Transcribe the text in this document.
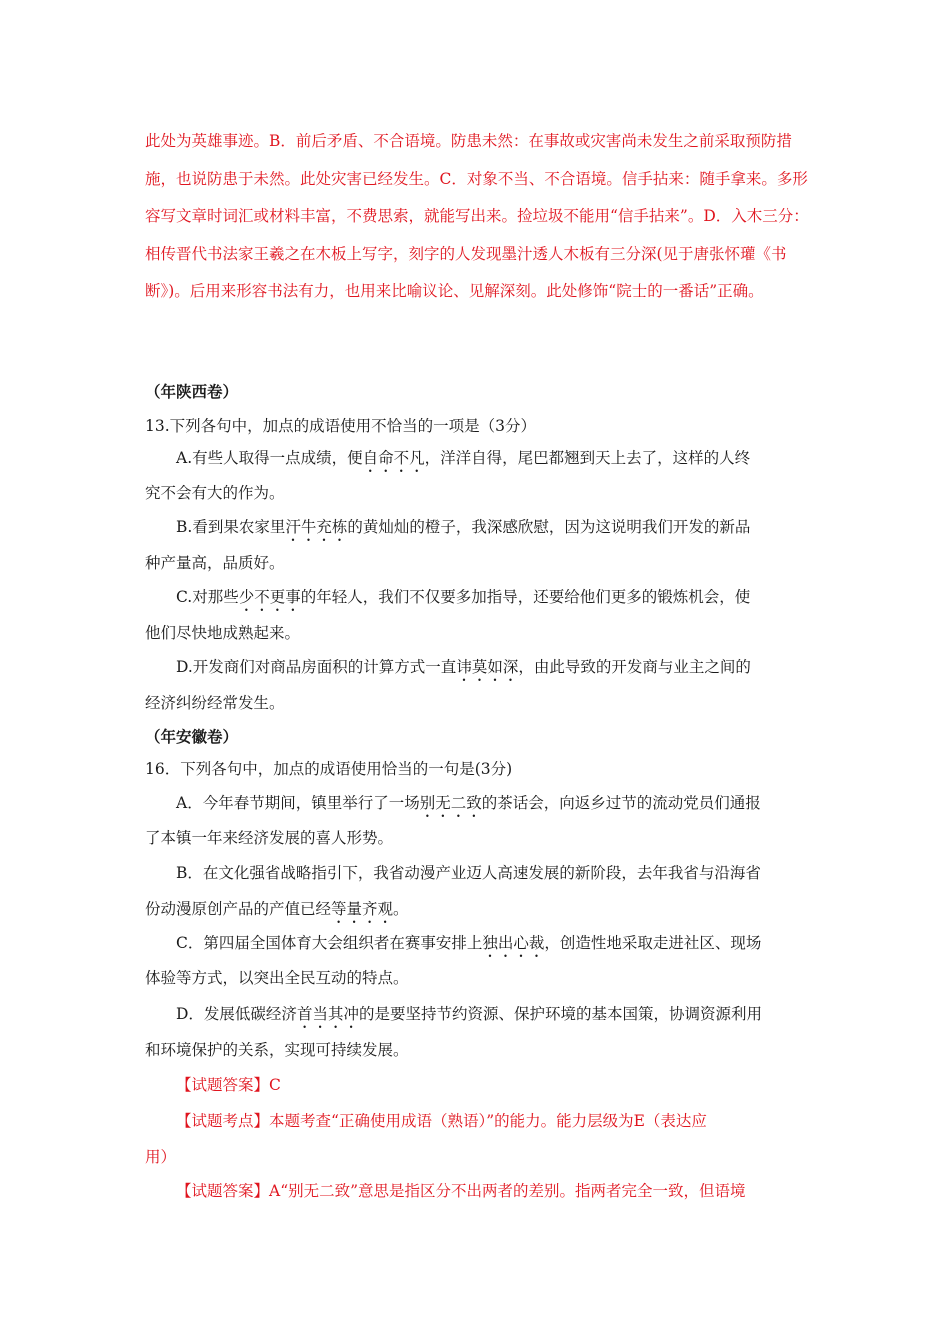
此处为英雄事迹。B．前后矛盾、不合语境。防患未然：在事故或灾害尚未发生之前采取预防措施，也说防患于未然。此处灾害已经发生。C．对象不当、不合语境。信手拈来：随手拿来。多形容写文章时词汇或材料丰富，不费思索，就能写出来。捡垃圾不能用“信手拈来”。D．入木三分：相传晋代书法家王羲之在木板上写字，刻字的人发现墨汁透人木板有三分深(见于唐张怀瓘《书断》)。后用来形容书法有力，也用来比喻议论、见解深刻。此处修饰“院士的一番话”正确。
（年陕西卷）
13.下列各句中，加点的成语使用不恰当的一项是（3分）
A.有些人取得一点成绩，便自命不凡，洋洋自得，尾巴都翘到天上去了，这样的人终
究不会有大的作为。
B.看到果农家里汗牛充栋的黄灿灿的橙子，我深感欣慰，因为这说明我们开发的新品
种产量高，品质好。
C.对那些少不更事的年轻人，我们不仅要多加指导，还要给他们更多的锻炼机会，使
他们尽快地成熟起来。
D.开发商们对商品房面积的计算方式一直讳莫如深，由此导致的开发商与业主之间的
经济纠纷经常发生。
（年安徽卷）
16．下列各句中，加点的成语使用恰当的一句是(3分)
A．今年春节期间，镇里举行了一场别无二致的茶话会，向返乡过节的流动党员们通报
了本镇一年来经济发展的喜人形势。
B．在文化强省战略指引下，我省动漫产业迈人高速发展的新阶段，去年我省与沿海省
份动漫原创产品的产值已经等量齐观。
C．第四届全国体育大会组织者在赛事安排上独出心裁，创造性地采取走进社区、现场
体验等方式，以突出全民互动的特点。
D．发展低碳经济首当其冲的是要坚持节约资源、保护环境的基本国策，协调资源利用
和环境保护的关系，实现可持续发展。
【试题答案】C
【试题考点】本题考查“正确使用成语（熟语）”的能力。能力层级为E（表达应
用）
【试题答案】A“别无二致”意思是指区分不出两者的差别。指两者完全一致，但语境
